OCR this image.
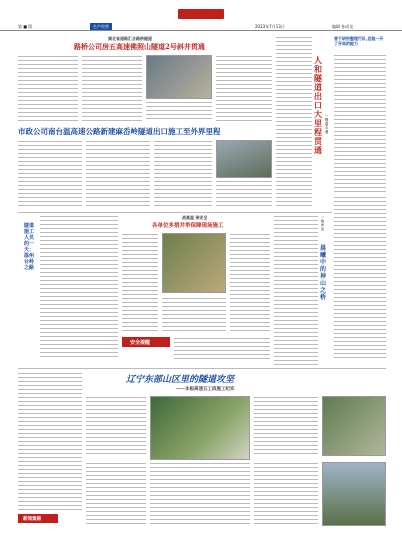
第 ■ 版	生产经营	2023年7月13日	编辑 孙成龙
湖北省道路汇合路桥隧道
路桥公司房五高速佛照山隧道2号斜井贯通
市政公司南台温高速公路新建麻岙岭隧道出口施工至外界里程
人和隧道出口大里程贯通
一线奋斗者
晋于研别整理行队,忠挺一开了开局的能力
隧道施工人员的一天：温州台岭之路
战高温 保安全
各单位多措并举保障现场施工
安全提醒
晨曦中的神山之桥
一线声音
新闻集锦
辽宁东部山区里的隧道攻坚
——本桓高速五工段施工纪实
